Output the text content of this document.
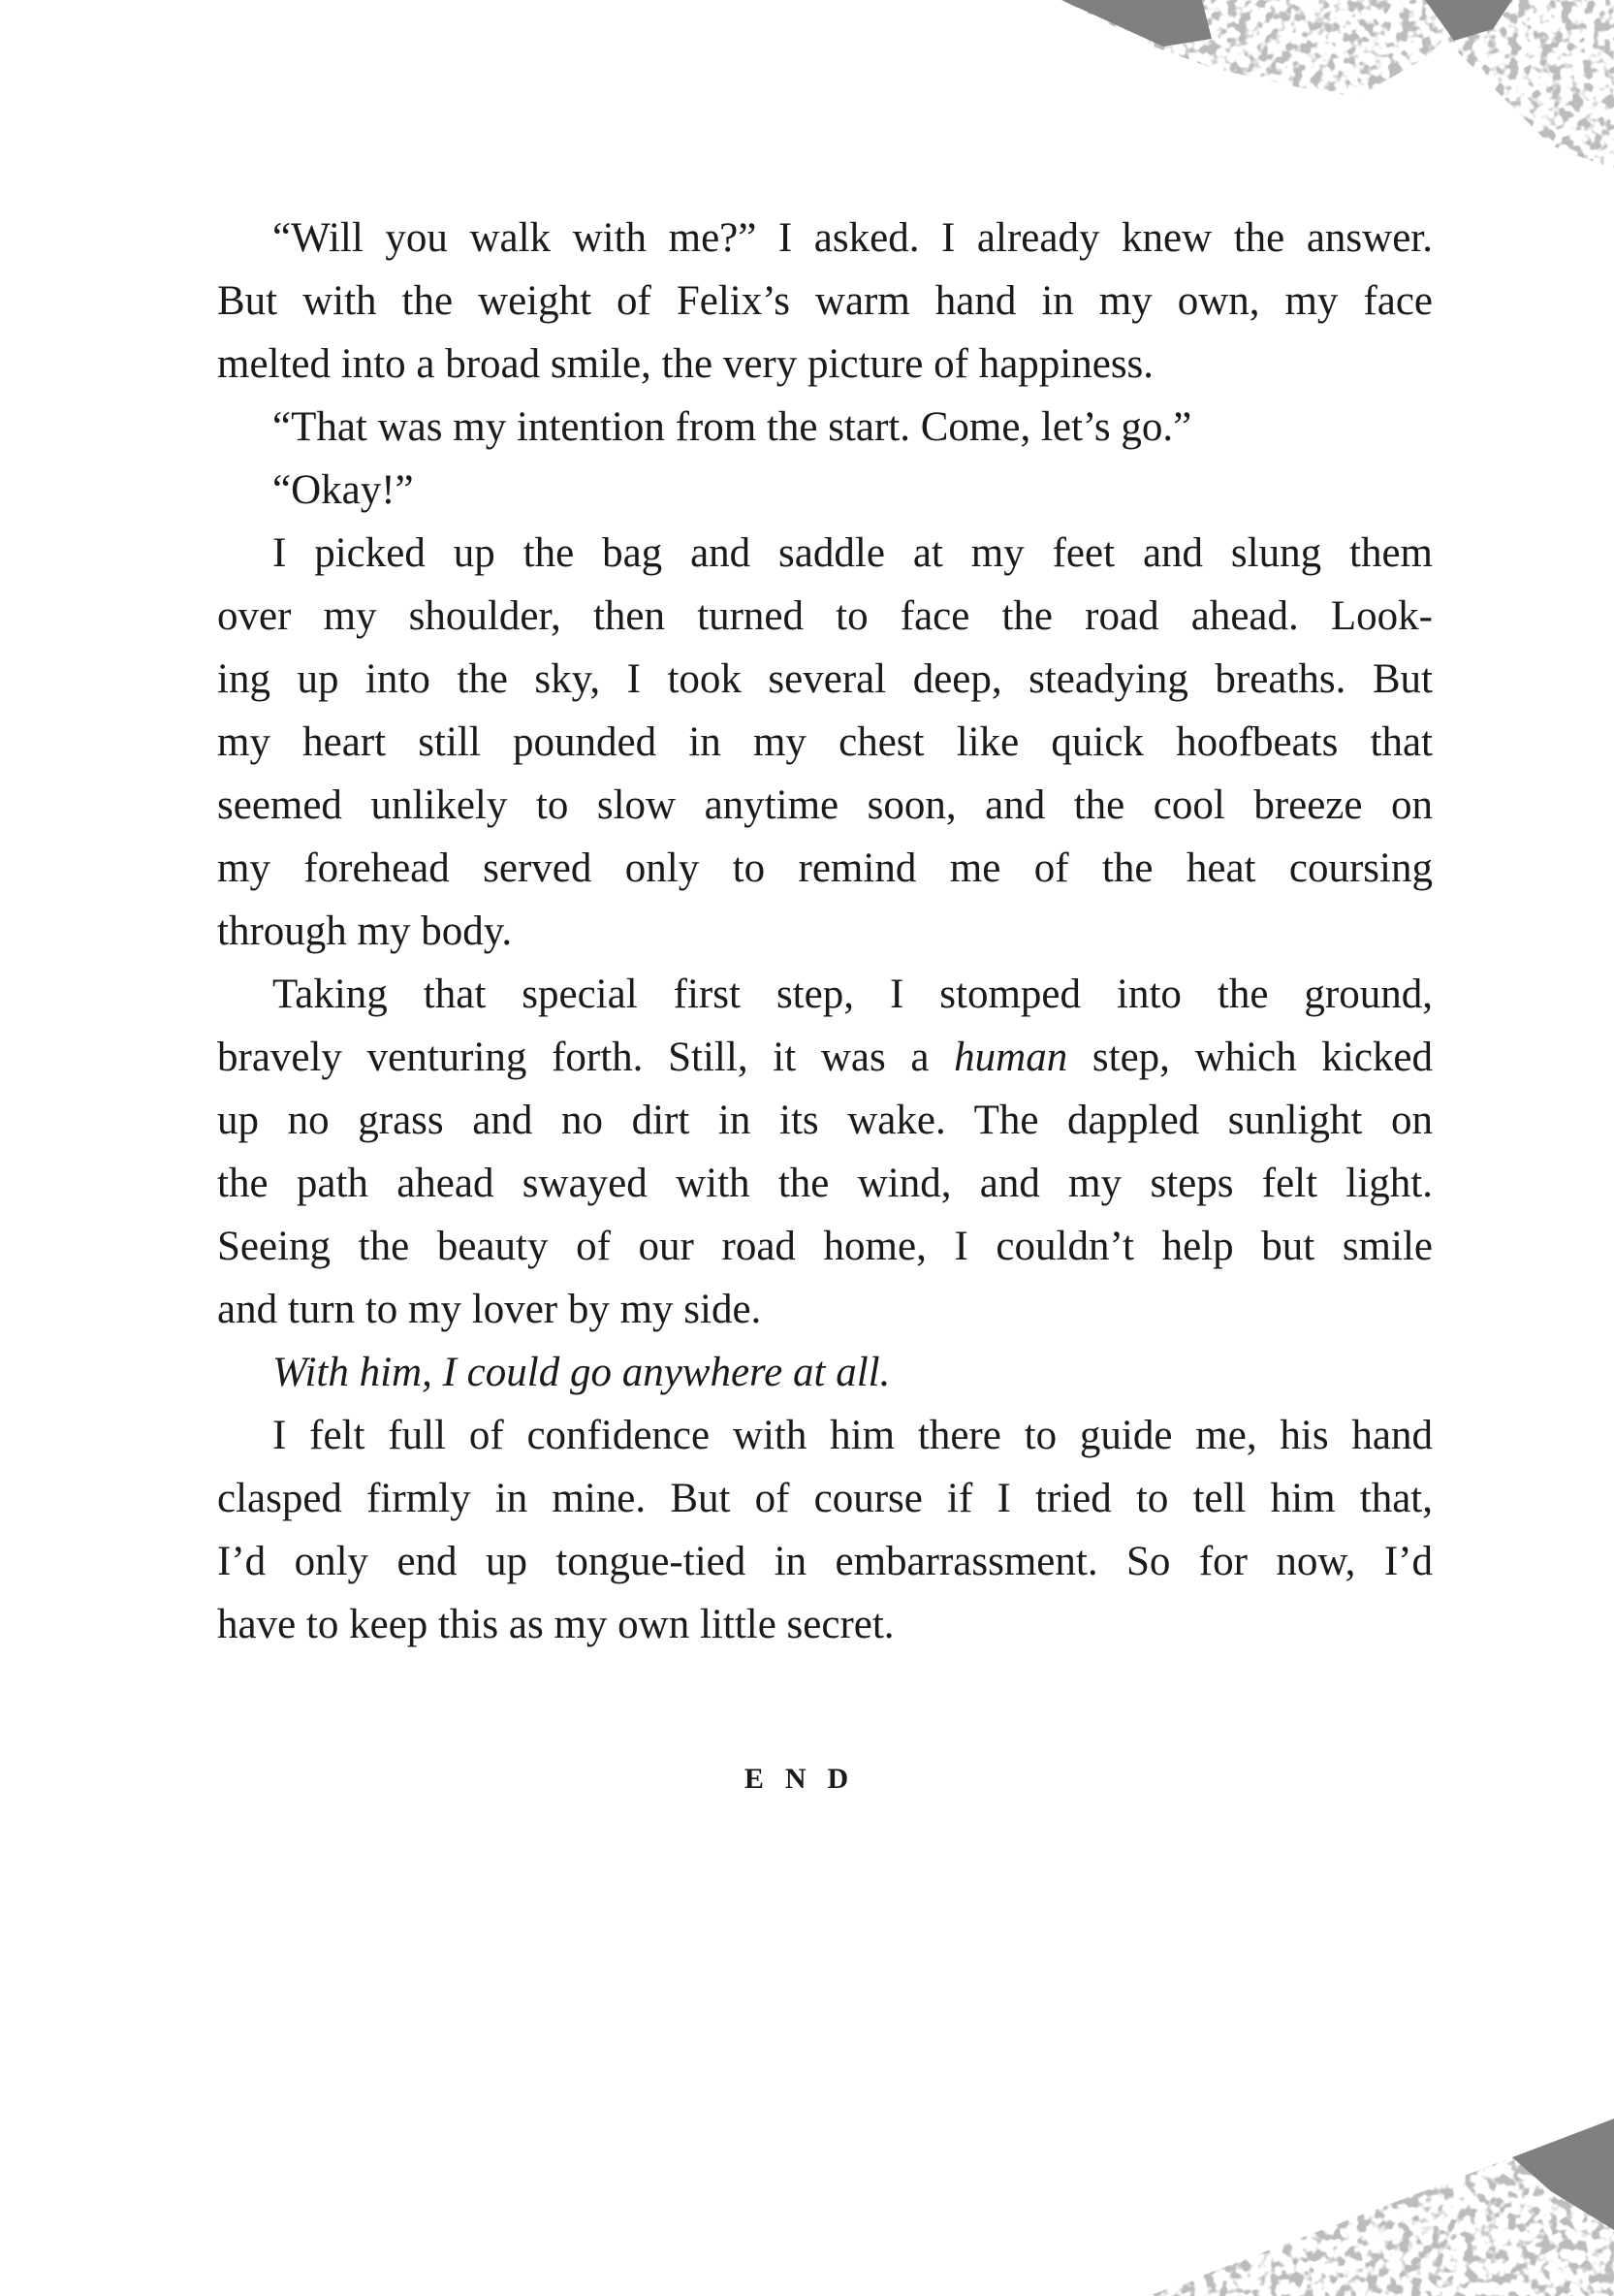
“Will you walk with me?” I asked. I already knew the answer.
But with the weight of Felix’s warm hand in my own, my face
melted into a broad smile, the very picture of happiness.
“That was my intention from the start. Come, let’s go.”
“Okay!”
I picked up the bag and saddle at my feet and slung them
over my shoulder, then turned to face the road ahead. Look-
ing up into the sky, I took several deep, steadying breaths. But
my heart still pounded in my chest like quick hoofbeats that
seemed unlikely to slow anytime soon, and the cool breeze on
my forehead served only to remind me of the heat coursing
through my body.
Taking that special first step, I stomped into the ground,
bravely venturing forth. Still, it was a human step, which kicked
up no grass and no dirt in its wake. The dappled sunlight on
the path ahead swayed with the wind, and my steps felt light.
Seeing the beauty of our road home, I couldn’t help but smile
and turn to my lover by my side.
With him, I could go anywhere at all.
I felt full of confidence with him there to guide me, his hand
clasped firmly in mine. But of course if I tried to tell him that,
I’d only end up tongue-tied in embarrassment. So for now, I’d
have to keep this as my own little secret.
END
